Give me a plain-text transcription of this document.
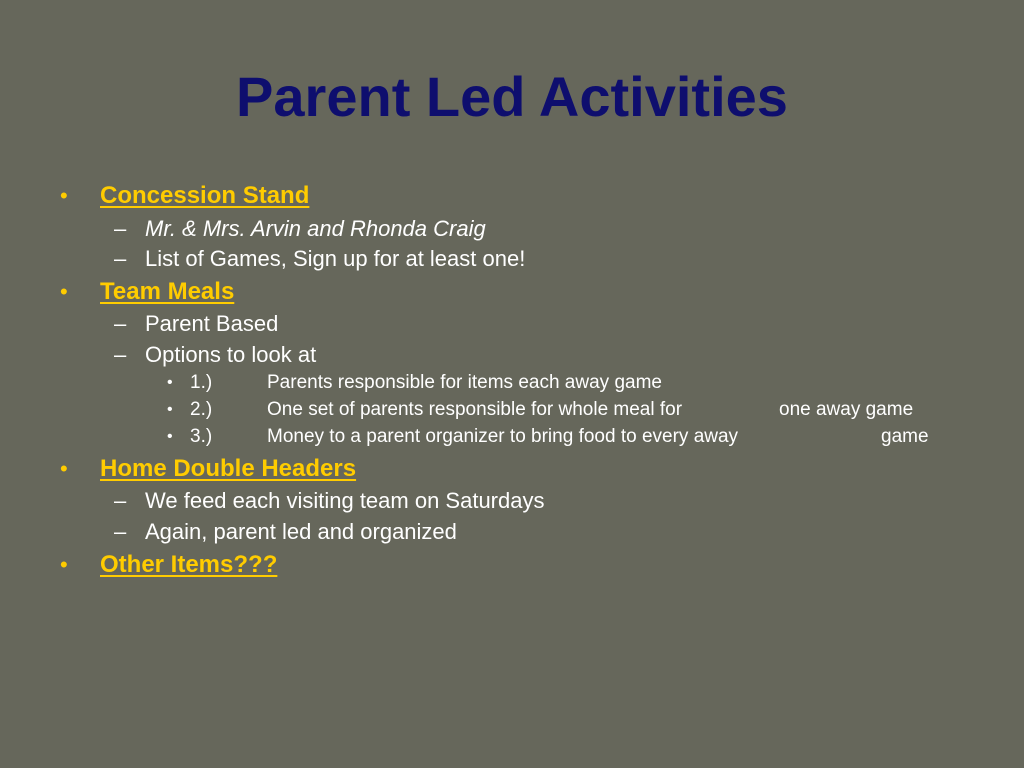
Parent Led Activities
• Concession Stand
– Mr. & Mrs. Arvin and Rhonda Craig
– List of Games, Sign up for at least one!
• Team Meals
– Parent Based
– Options to look at
• 1.)	Parents responsible for items each away game
• 2.)	One set of parents responsible for whole meal for	one away game
• 3.)	Money to a parent organizer to bring food to every away	game
• Home Double Headers
– We feed each visiting team on Saturdays
– Again, parent led and organized
• Other Items???
